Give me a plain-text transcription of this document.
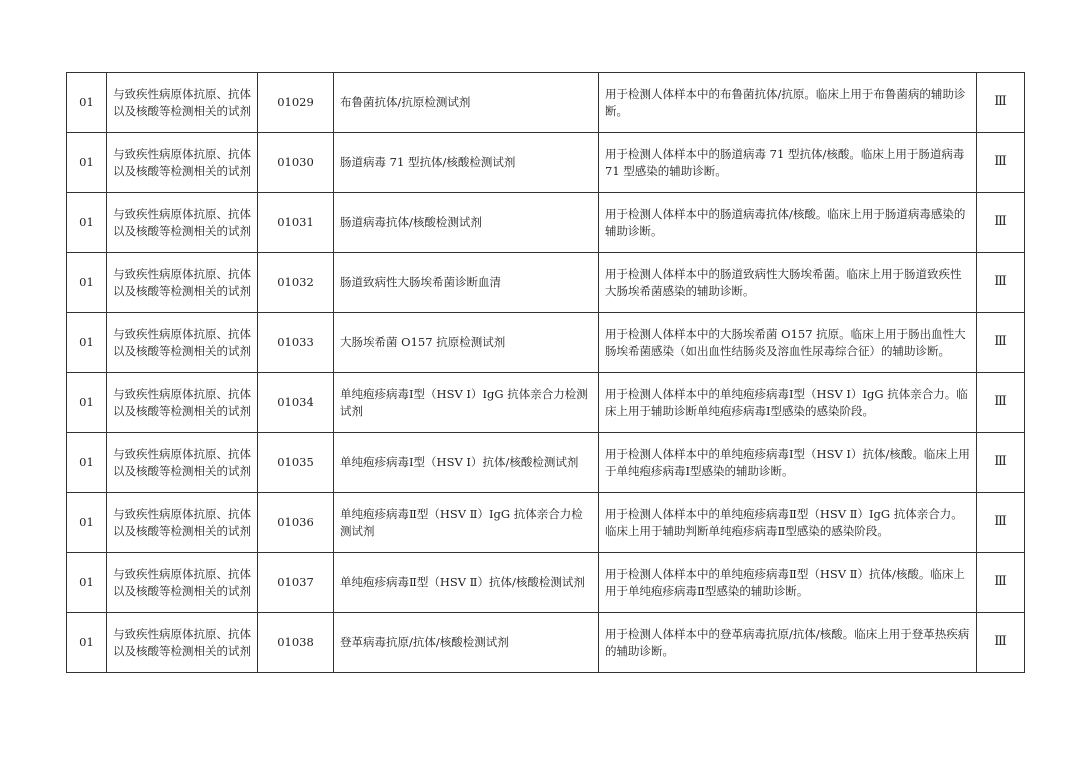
01	与致疾性病原体抗原、抗体以及核酸等检测相关的试剂	01029	布鲁菌抗体/抗原检测试剂	用于检测人体样本中的布鲁菌抗体/抗原。临床上用于布鲁菌病的辅助诊断。	Ⅲ
01	与致疾性病原体抗原、抗体以及核酸等检测相关的试剂	01030	肠道病毒 71 型抗体/核酸检测试剂	用于检测人体样本中的肠道病毒 71 型抗体/核酸。临床上用于肠道病毒 71 型感染的辅助诊断。	Ⅲ
01	与致疾性病原体抗原、抗体以及核酸等检测相关的试剂	01031	肠道病毒抗体/核酸检测试剂	用于检测人体样本中的肠道病毒抗体/核酸。临床上用于肠道病毒感染的辅助诊断。	Ⅲ
01	与致疾性病原体抗原、抗体以及核酸等检测相关的试剂	01032	肠道致病性大肠埃希菌诊断血清	用于检测人体样本中的肠道致病性大肠埃希菌。临床上用于肠道致疾性大肠埃希菌感染的辅助诊断。	Ⅲ
01	与致疾性病原体抗原、抗体以及核酸等检测相关的试剂	01033	大肠埃希菌 O157 抗原检测试剂	用于检测人体样本中的大肠埃希菌 O157 抗原。临床上用于肠出血性大肠埃希菌感染（如出血性结肠炎及溶血性尿毒综合征）的辅助诊断。	Ⅲ
01	与致疾性病原体抗原、抗体以及核酸等检测相关的试剂	01034	单纯疱疹病毒Ⅰ型（HSV Ⅰ）IgG 抗体亲合力检测试剂	用于检测人体样本中的单纯疱疹病毒Ⅰ型（HSV Ⅰ）IgG 抗体亲合力。临床上用于辅助诊断单纯疱疹病毒Ⅰ型感染的感染阶段。	Ⅲ
01	与致疾性病原体抗原、抗体以及核酸等检测相关的试剂	01035	单纯疱疹病毒Ⅰ型（HSV Ⅰ）抗体/核酸检测试剂	用于检测人体样本中的单纯疱疹病毒Ⅰ型（HSV Ⅰ）抗体/核酸。临床上用于单纯疱疹病毒Ⅰ型感染的辅助诊断。	Ⅲ
01	与致疾性病原体抗原、抗体以及核酸等检测相关的试剂	01036	单纯疱疹病毒Ⅱ型（HSV Ⅱ）IgG 抗体亲合力检测试剂	用于检测人体样本中的单纯疱疹病毒Ⅱ型（HSV Ⅱ）IgG 抗体亲合力。临床上用于辅助判断单纯疱疹病毒Ⅱ型感染的感染阶段。	Ⅲ
01	与致疾性病原体抗原、抗体以及核酸等检测相关的试剂	01037	单纯疱疹病毒Ⅱ型（HSV Ⅱ）抗体/核酸检测试剂	用于检测人体样本中的单纯疱疹病毒Ⅱ型（HSV Ⅱ）抗体/核酸。临床上用于单纯疱疹病毒Ⅱ型感染的辅助诊断。	Ⅲ
01	与致疾性病原体抗原、抗体以及核酸等检测相关的试剂	01038	登革病毒抗原/抗体/核酸检测试剂	用于检测人体样本中的登革病毒抗原/抗体/核酸。临床上用于登革热疾病的辅助诊断。	Ⅲ
